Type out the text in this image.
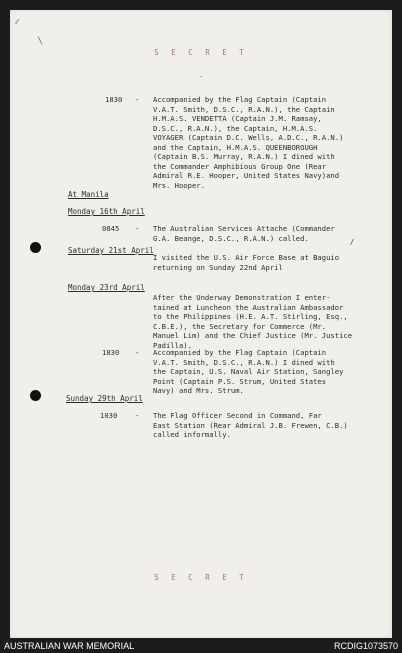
⁄⁄
╲
S E C R E T
-
1830 - Accompanied by the Flag Captain (Captain
V.A.T. Smith, D.S.C., R.A.N.), the Captain
H.M.A.S. VENDETTA (Captain J.M. Ramsay,
D.S.C., R.A.N.), the Captain, H.M.A.S.
VOYAGER (Captain D.C. Wells, A.D.C., R.A.N.)
and the Captain, H.M.A.S. QUEENBOROUGH
(Captain B.S. Murray, R.A.N.) I dined with
the Commander Amphibious Group One (Rear
Admiral R.E. Hooper, United States Navy)and
Mrs. Hooper.
At Manila
Monday 16th April
0845 - The Australian Services Attache (Commander
G.A. Beange, D.S.C., R.A.N.) called.
Saturday 21st April
/
I visited the U.S. Air Force Base at Baguio
returning on Sunday 22nd April
Monday 23rd April
After the Underway Demonstration I enter-
tained at Luncheon the Australian Ambassador
to the Philippines (H.E. A.T. Stirling, Esq.,
C.B.E.), the Secretary for Commerce (Mr.
Manuel Lim) and the Chief Justice (Mr. Justice
Padilla).
1830 - Accompanied by the Flag Captain (Captain
V.A.T. Smith, D.S.C., R.A.N.) I dined with
the Captain, U.S. Naval Air Station, Sangley
Point (Captain P.S. Strum, United States
Navy) and Mrs. Strum.
Sunday 29th April
1030 - The Flag Officer Second in Command, Far
East Station (Rear Admiral J.B. Frewen, C.B.)
called informally.
S E C R E T
AUSTRALIAN WAR MEMORIAL	RCDIG1073570
